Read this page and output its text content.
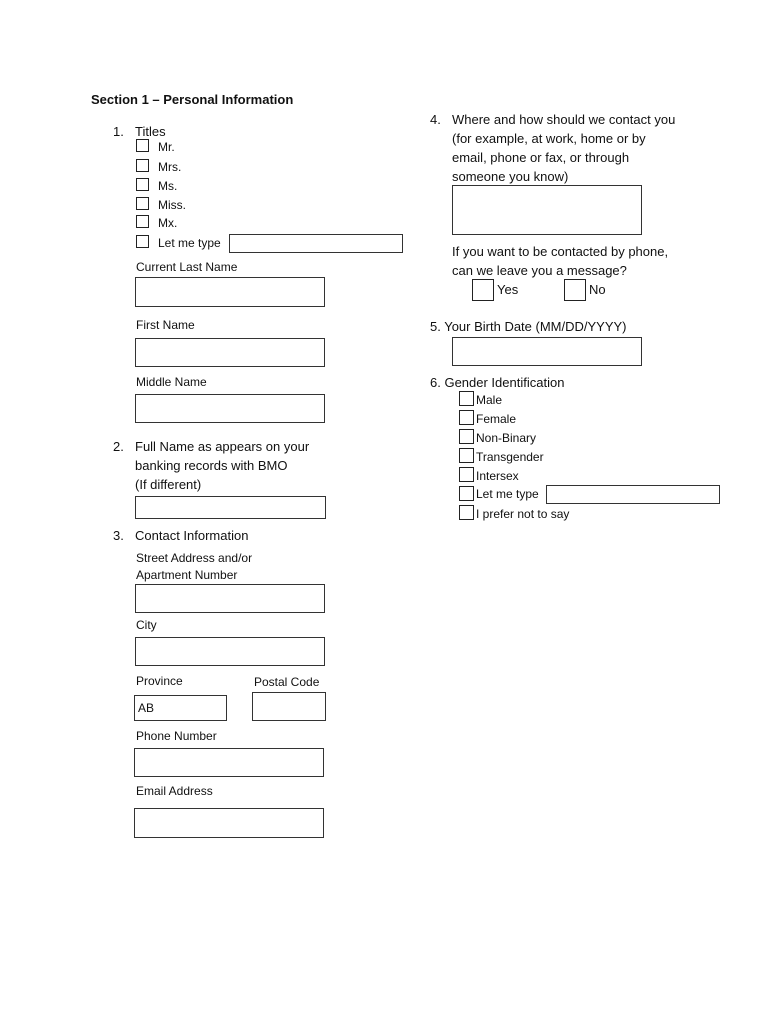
Section 1 – Personal Information
1. Titles
Mr.
Mrs.
Ms.
Miss.
Mx.
Let me type
Current Last Name
First Name
Middle Name
2. Full Name as appears on your
banking records with BMO
(If different)
3. Contact Information
Street Address and/or
Apartment Number
City
Province
AB
Postal Code
Phone Number
Email Address
4. Where and how should we contact you
(for example, at work, home or by
email, phone or fax, or through
someone you know)
If you want to be contacted by phone,
can we leave you a message?
Yes	No
5. Your Birth Date (MM/DD/YYYY)
6. Gender Identification
Male
Female
Non-Binary
Transgender
Intersex
Let me type
I prefer not to say
